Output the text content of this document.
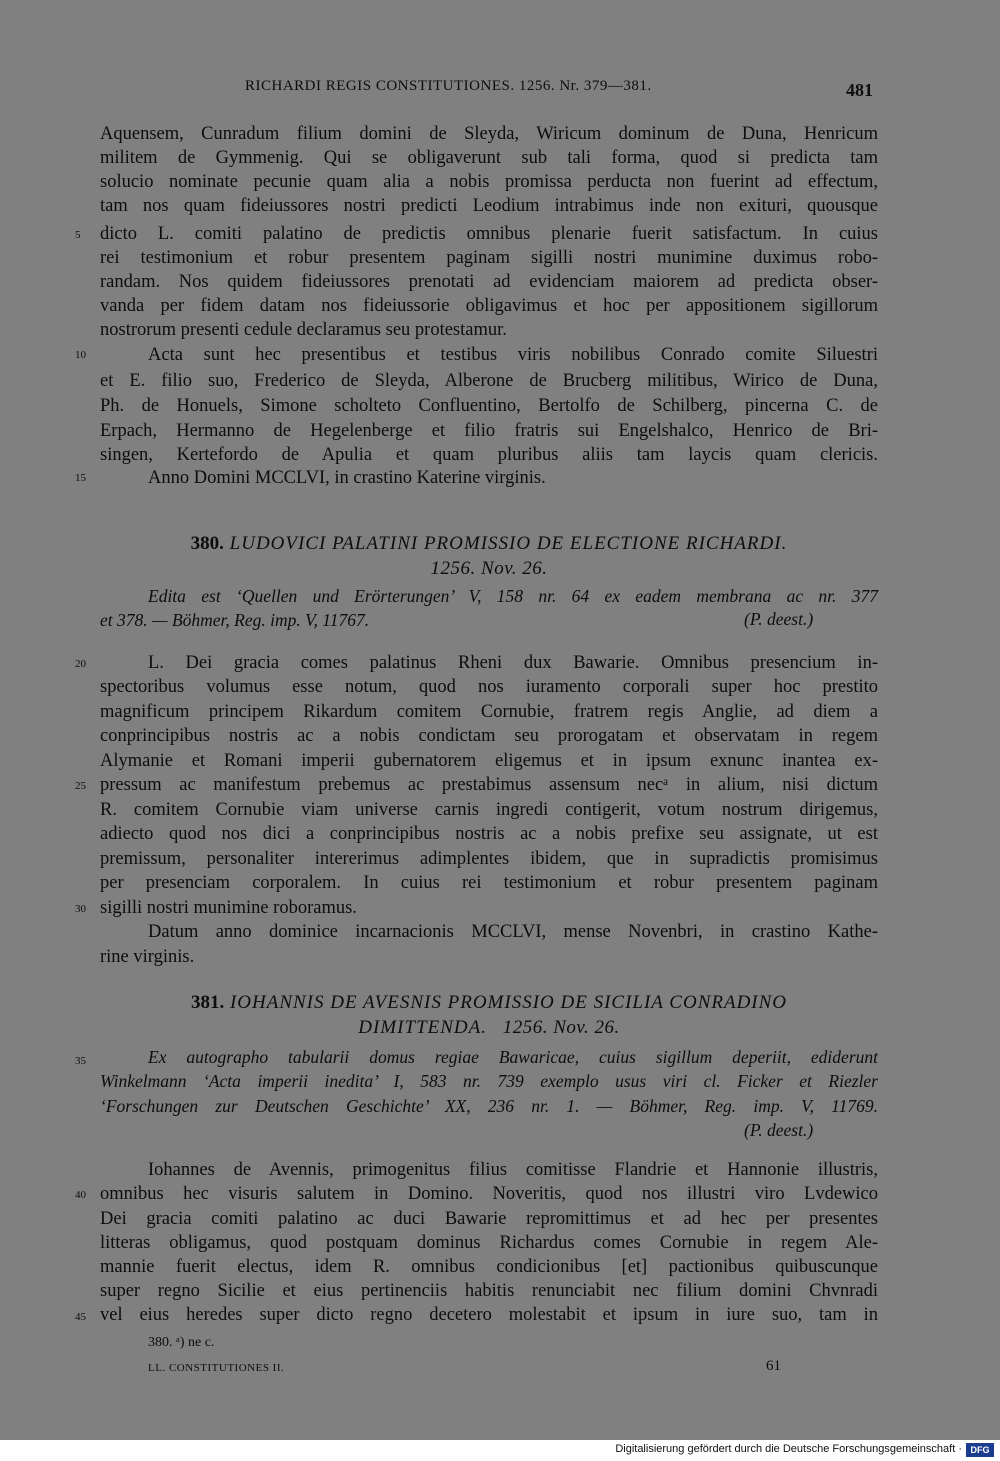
RICHARDI REGIS CONSTITUTIONES. 1256. Nr. 379—381.	481
Aquensem, Cunradum filium domini de Sleyda, Wiricum dominum de Duna, Henricum
militem de Gymmenig. Qui se obligaverunt sub tali forma, quod si predicta tam
solucio nominate pecunie quam alia a nobis promissa perducta non fuerint ad effectum,
tam nos quam fideiussores nostri predicti Leodium intrabimus inde non exituri, quousque
5	dicto L. comiti palatino de predictis omnibus plenarie fuerit satisfactum. In cuius
rei testimonium et robur presentem paginam sigilli nostri munimine duximus robo-
randam. Nos quidem fideiussores prenotati ad evidenciam maiorem ad predicta obser-
vanda per fidem datam nos fideiussorie obligavimus et hoc per appositionem sigillorum
nostrorum presenti cedule declaramus seu protestamur.
10	Acta sunt hec presentibus et testibus viris nobilibus Conrado comite Siluestri
et E. filio suo, Frederico de Sleyda, Alberone de Brucberg militibus, Wirico de Duna,
Ph. de Honuels, Simone scholteto Confluentino, Bertolfo de Schilberg, pincerna C. de
Erpach, Hermanno de Hegelenberge et filio fratris sui Engelshalco, Henrico de Bri-
singen, Kertefordo de Apulia et quam pluribus aliis tam laycis quam clericis.
15	Anno Domini MCCLVI, in crastino Katerine virginis.
380. LUDOVICI PALATINI PROMISSIO DE ELECTIONE RICHARDI.
1256. Nov. 26.
Edita est ‘Quellen und Erörterungen’ V, 158 nr. 64 ex eadem membrana ac nr. 377
et 378. — Böhmer, Reg. imp. V, 11767.	(P. deest.)
20	L. Dei gracia comes palatinus Rheni dux Bawarie. Omnibus presencium in-
spectoribus volumus esse notum, quod nos iuramento corporali super hoc prestito
magnificum principem Rikardum comitem Cornubie, fratrem regis Anglie, ad diem a
conprincipibus nostris ac a nobis condictam seu prorogatam et observatam in regem
Alymanie et Romani imperii gubernatorem eligemus et in ipsum exnunc inantea ex-
25 pressum ac manifestum prebemus ac prestabimus assensum necᵃ in alium, nisi dictum
R. comitem Cornubie viam universe carnis ingredi contigerit, votum nostrum dirigemus,
adiecto quod nos dici a conprincipibus nostris ac a nobis prefixe seu assignate, ut est
premissum, personaliter intererimus adimplentes ibidem, que in supradictis promisimus
per presenciam corporalem. In cuius rei testimonium et robur presentem paginam
30 sigilli nostri munimine roboramus.
Datum anno dominice incarnacionis MCCLVI, mense Novenbri, in crastino Kathe-
rine virginis.
381. IOHANNIS DE AVESNIS PROMISSIO DE SICILIA CONRADINO
DIMITTENDA. 1256. Nov. 26.
35	Ex autographo tabularii domus regiae Bawaricae, cuius sigillum deperiit, ediderunt
Winkelmann ‘Acta imperii inedita’ I, 583 nr. 739 exemplo usus viri cl. Ficker et Riezler
‘Forschungen zur Deutschen Geschichte’ XX, 236 nr. 1. — Böhmer, Reg. imp. V, 11769.
(P. deest.)
Iohannes de Avennis, primogenitus filius comitisse Flandrie et Hannonie illustris,
40 omnibus hec visuris salutem in Domino. Noveritis, quod nos illustri viro Lvdewico
Dei gracia comiti palatino ac duci Bawarie repromittimus et ad hec per presentes
litteras obligamus, quod postquam dominus Richardus comes Cornubie in regem Ale-
mannie fuerit electus, idem R. omnibus condicionibus [et] pactionibus quibuscunque
super regno Sicilie et eius pertinenciis habitis renunciabit nec filium domini Chvnradi
45 vel eius heredes super dicto regno decetero molestabit et ipsum in iure suo, tam in
380. ᵃ) ne c.
LL. CONSTITUTIONES II.	61
Digitalisierung gefördert durch die Deutsche Forschungsgemeinschaft · DFG
